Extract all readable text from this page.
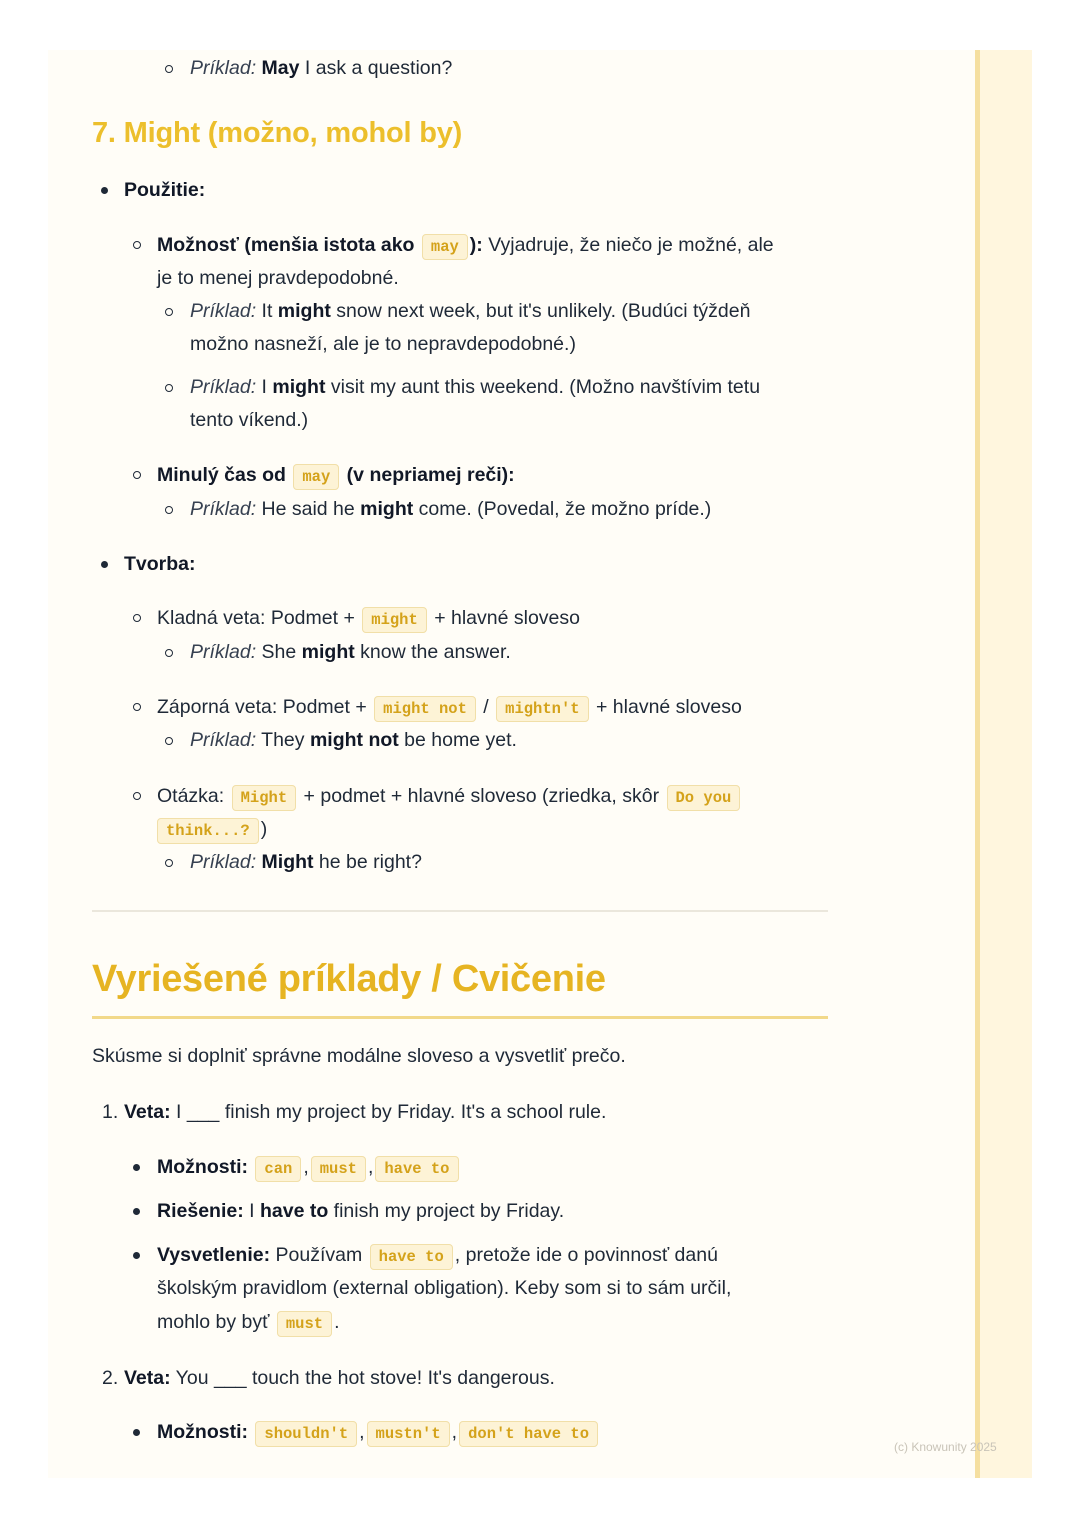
Príklad: May I ask a question?
7. Might (možno, mohol by)
Použitie:
Možnosť (menšia istota ako may ): Vyjadruje, že niečo je možné, ale
je to menej pravdepodobné.
Príklad: It might snow next week, but it's unlikely. (Budúci týždeň
možno nasneží, ale je to nepravdepodobné.)
Príklad: I might visit my aunt this weekend. (Možno navštívim tetu
tento víkend.)
Minulý čas od may (v nepriamej reči):
Príklad: He said he might come. (Povedal, že možno príde.)
Tvorba:
Kladná veta: Podmet + might + hlavné sloveso
Príklad: She might know the answer.
Záporná veta: Podmet + might not / mightn't + hlavné sloveso
Príklad: They might not be home yet.
Otázka: Might + podmet + hlavné sloveso (zriedka, skôr Do you
think...? )
Príklad: Might he be right?
Vyriešené príklady / Cvičenie
Skúsme si doplniť správne modálne sloveso a vysvetliť prečo.
1. Veta: I ___ finish my project by Friday. It's a school rule.
Možnosti: can , must , have to
Riešenie: I have to finish my project by Friday.
Vysvetlenie: Používam have to , pretože ide o povinnosť danú
školským pravidlom (external obligation). Keby som si to sám určil,
mohlo by byť must .
2. Veta: You ___ touch the hot stove! It's dangerous.
Možnosti: shouldn't , mustn't , don't have to
(c) Knowunity 2025
